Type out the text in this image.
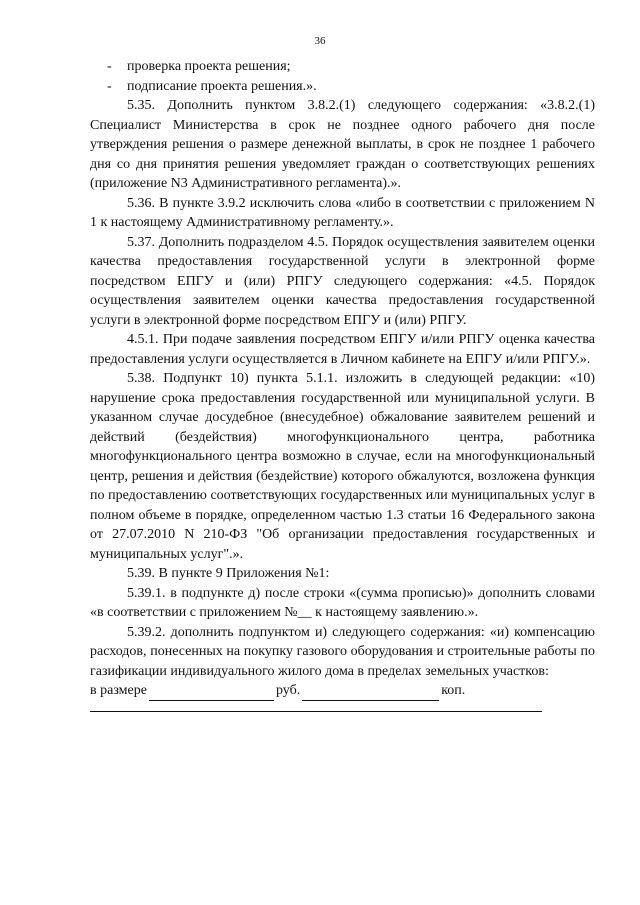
36
-	проверка проекта решения;
-	подписание проекта решения.».

5.35. Дополнить пунктом 3.8.2.(1) следующего содержания: «3.8.2.(1) Специалист Министерства в срок не позднее одного рабочего дня после утверждения решения о размере денежной выплаты, в срок не позднее 1 рабочего дня со дня принятия решения уведомляет граждан о соответствующих решениях (приложение N3 Административного регламента).».

5.36. В пункте 3.9.2 исключить слова «либо в соответствии с приложением N 1 к настоящему Административному регламенту.».

5.37. Дополнить подразделом 4.5. Порядок осуществления заявителем оценки качества предоставления государственной услуги в электронной форме посредством ЕПГУ и (или) РПГУ следующего содержания: «4.5. Порядок осуществления заявителем оценки качества предоставления государственной услуги в электронной форме посредством ЕПГУ и (или) РПГУ.

4.5.1. При подаче заявления посредством ЕПГУ и/или РПГУ оценка качества предоставления услуги осуществляется в Личном кабинете на ЕПГУ и/или РПГУ.».

5.38. Подпункт 10) пункта 5.1.1. изложить в следующей редакции: «10) нарушение срока предоставления государственной или муниципальной услуги. В указанном случае досудебное (внесудебное) обжалование заявителем решений и действий (бездействия) многофункционального центра, работника многофункционального центра возможно в случае, если на многофункциональный центр, решения и действия (бездействие) которого обжалуются, возложена функция по предоставлению соответствующих государственных или муниципальных услуг в полном объеме в порядке, определенном частью 1.3 статьи 16 Федерального закона от 27.07.2010 N 210-ФЗ "Об организации предоставления государственных и муниципальных услуг".».

5.39. В пункте 9 Приложения №1:

5.39.1. в подпункте д) после строки «(сумма прописью)» дополнить словами «в соответствии с приложением №__ к настоящему заявлению.».

5.39.2. дополнить подпунктом и) следующего содержания: «и) компенсацию расходов, понесенных на покупку газового оборудования и строительные работы по газификации индивидуального жилого дома в пределах земельных участков:

в размере	руб.	коп.
